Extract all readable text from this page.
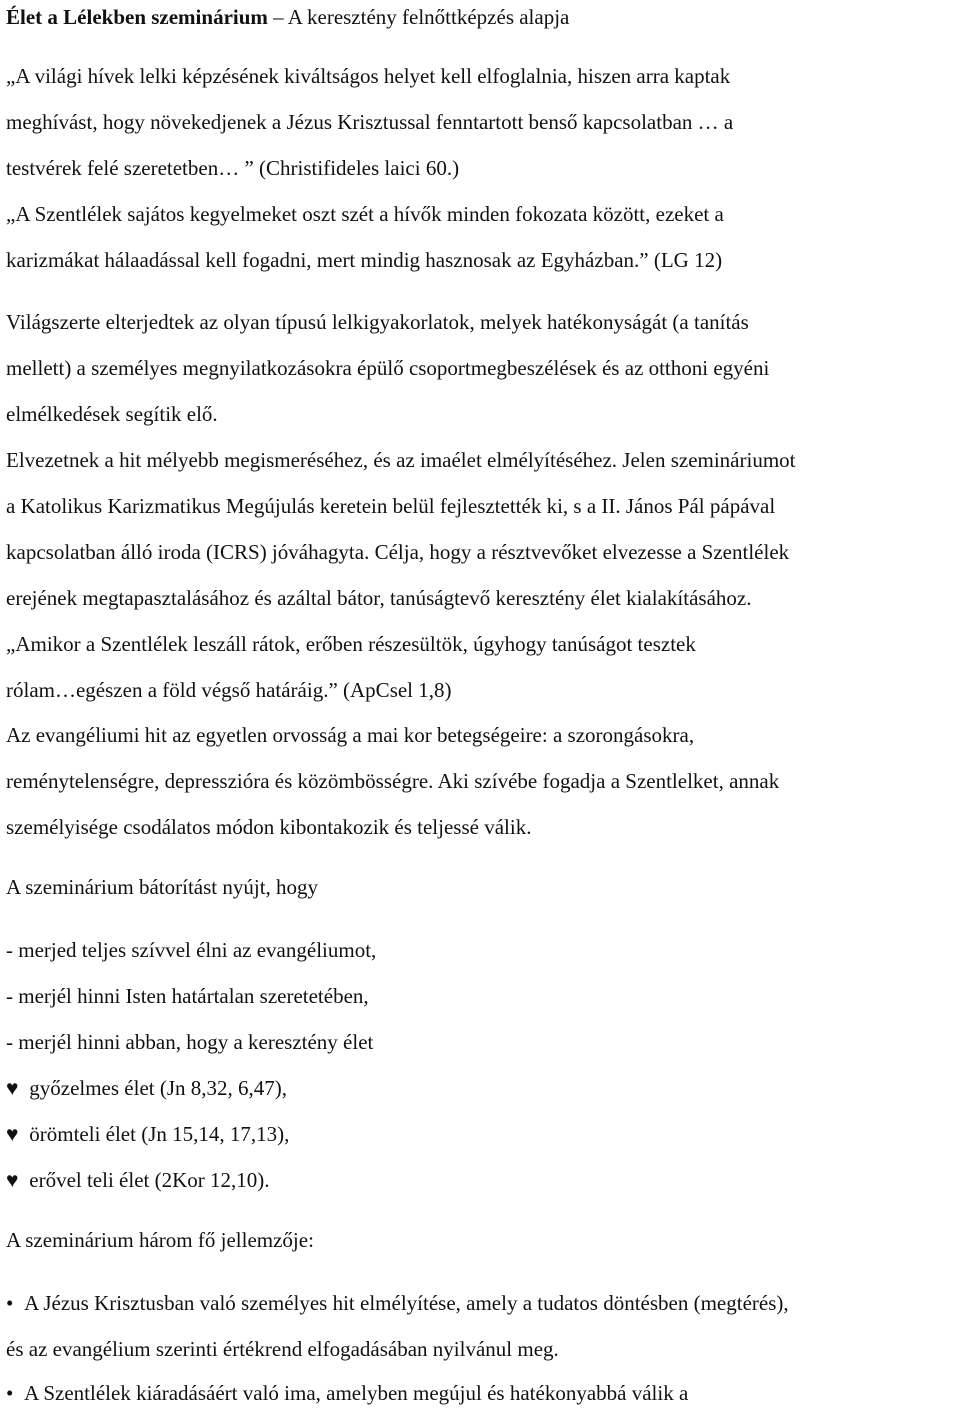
Élet a Lélekben szeminárium – A keresztény felnőttképzés alapja
„A világi hívek lelki képzésének kiváltságos helyet kell elfoglalnia, hiszen arra kaptak
meghívást, hogy növekedjenek a Jézus Krisztussal fenntartott benső kapcsolatban … a
testvérek felé szeretetben… ” (Christifideles laici 60.)
„A Szentlélek sajátos kegyelmeket oszt szét a hívők minden fokozata között, ezeket a
karizmákat hálaadással kell fogadni, mert mindig hasznosak az Egyházban.” (LG 12)
Világszerte elterjedtek az olyan típusú lelkigyakorlatok, melyek hatékonyságát (a tanítás
mellett) a személyes megnyilatkozásokra épülő csoportmegbeszélések és az otthoni egyéni
elmélkedések segítik elő.
Elvezetnek a hit mélyebb megismeréséhez, és az imaélet elmélyítéséhez. Jelen szemináriumot
a Katolikus Karizmatikus Megújulás keretein belül fejlesztették ki, s a II. János Pál pápával
kapcsolatban álló iroda (ICRS) jóváhagyta. Célja, hogy a résztvevőket elvezesse a Szentlélek
erejének megtapasztalásához és azáltal bátor, tanúságtevő keresztény élet kialakításához.
„Amikor a Szentlélek leszáll rátok, erőben részesültök, úgyhogy tanúságot tesztek
rólam…egészen a föld végső határáig.” (ApCsel 1,8)
Az evangéliumi hit az egyetlen orvosság a mai kor betegségeire: a szorongásokra,
reménytelenségre, depresszióra és közömbösségre. Aki szívébe fogadja a Szentlelket, annak
személyisége csodálatos módon kibontakozik és teljessé válik.
A szeminárium bátorítást nyújt, hogy
- merjed teljes szívvel élni az evangéliumot,
- merjél hinni Isten határtalan szeretetében,
- merjél hinni abban, hogy a keresztény élet
♥ győzelmes élet (Jn 8,32, 6,47),
♥ örömteli élet (Jn 15,14, 17,13),
♥ erővel teli élet (2Kor 12,10).
A szeminárium három fő jellemzője:
• A Jézus Krisztusban való személyes hit elmélyítése, amely a tudatos döntésben (megtérés),
és az evangélium szerinti értékrend elfogadásában nyilvánul meg.
• A Szentlélek kiáradásáért való ima, amelyben megújul és hatékonyabbá válik a
